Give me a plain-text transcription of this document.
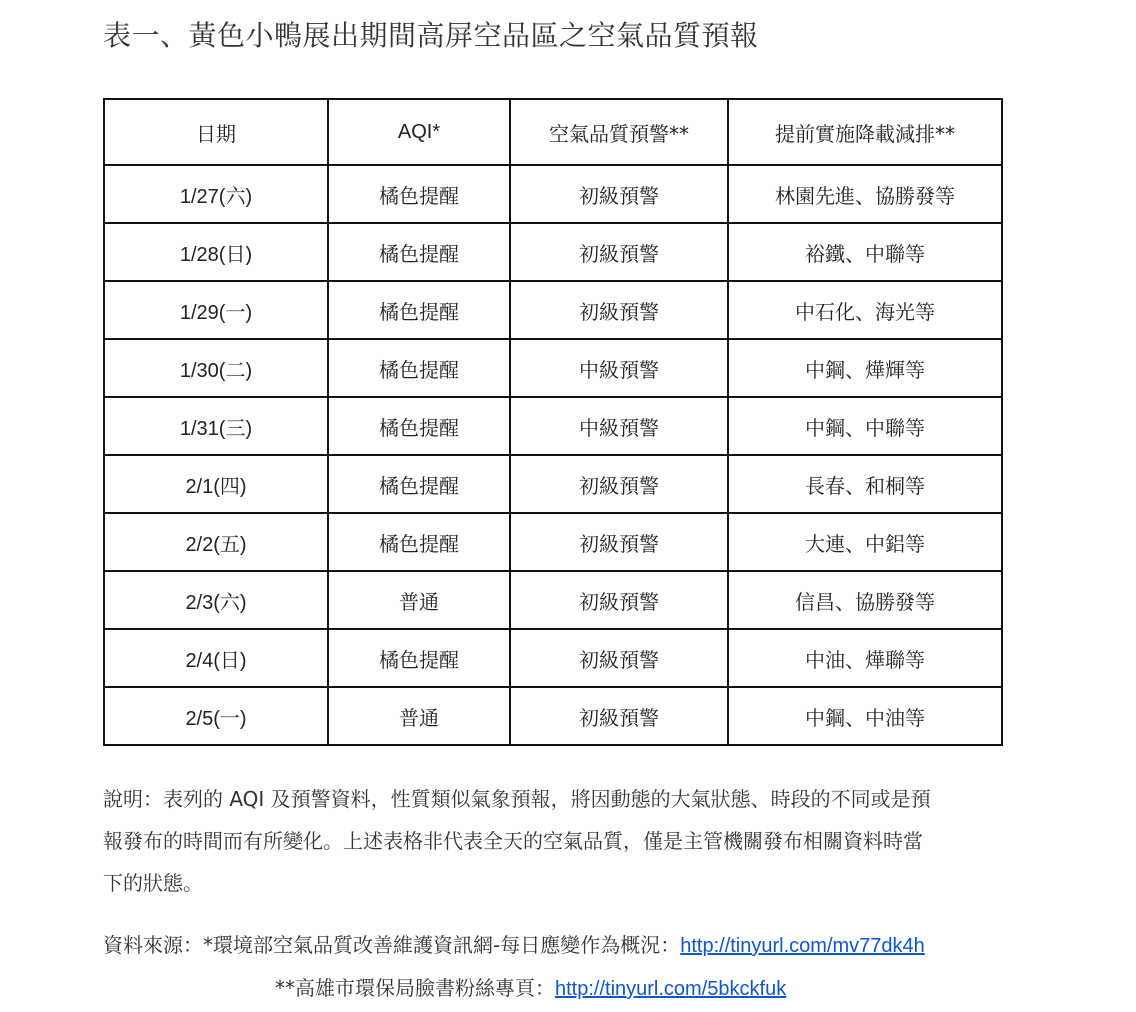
表一、黃色小鴨展出期間高屏空品區之空氣品質預報
日期	AQI*	空氣品質預警**	提前實施降載減排**
1/27(六)	橘色提醒	初級預警	林園先進、協勝發等
1/28(日)	橘色提醒	初級預警	裕鐵、中聯等
1/29(一)	橘色提醒	初級預警	中石化、海光等
1/30(二)	橘色提醒	中級預警	中鋼、燁輝等
1/31(三)	橘色提醒	中級預警	中鋼、中聯等
2/1(四)	橘色提醒	初級預警	長春、和桐等
2/2(五)	橘色提醒	初級預警	大連、中鋁等
2/3(六)	普通	初級預警	信昌、協勝發等
2/4(日)	橘色提醒	初級預警	中油、燁聯等
2/5(一)	普通	初級預警	中鋼、中油等
說明：表列的 AQI 及預警資料，性質類似氣象預報，將因動態的大氣狀態、時段的不同或是預
報發布的時間而有所變化。上述表格非代表全天的空氣品質，僅是主管機關發布相關資料時當
下的狀態。
資料來源：*環境部空氣品質改善維護資訊網-每日應變作為概況：http://tinyurl.com/mv77dk4h
**高雄市環保局臉書粉絲專頁：http://tinyurl.com/5bkckfuk
